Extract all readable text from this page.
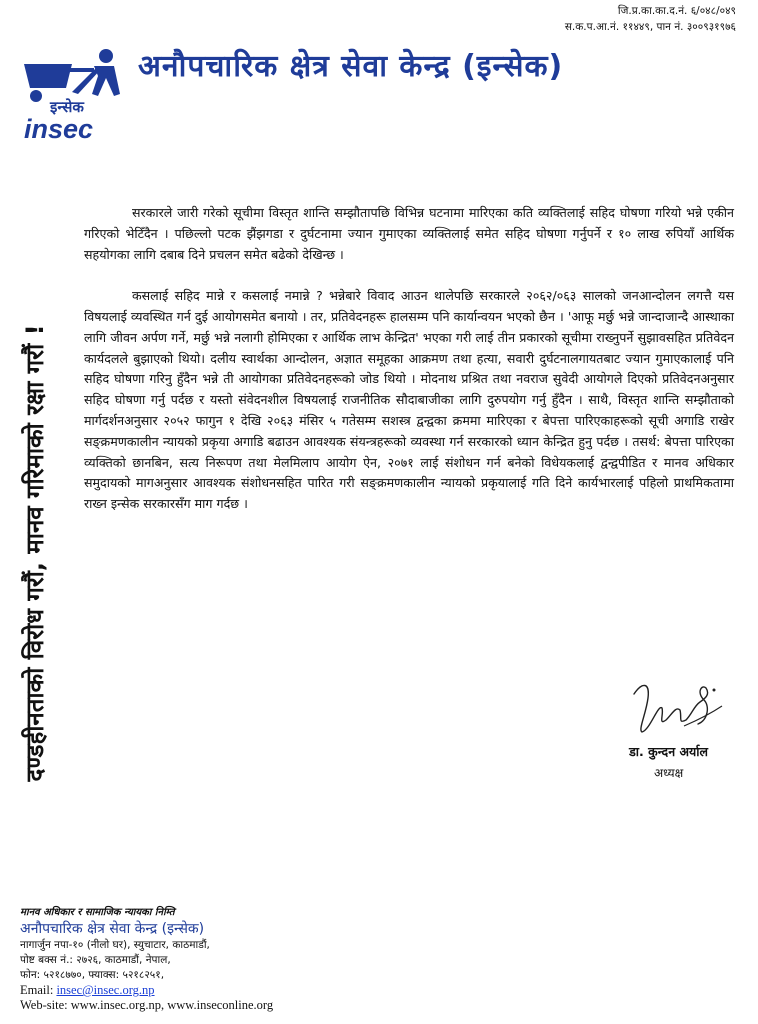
जि.प्र.का.का.द.नं. ६/०४८/०४९
स.क.प.आ.नं. ११४४९, पान नं. ३००९३१९७६
इन्सेक
insec
अनौपचारिक क्षेत्र सेवा केन्द्र (इन्सेक)
दण्डहीनताको विरोध गरौं, मानव गरिमाको रक्षा गरौं !

सरकारले जारी गरेको सूचीमा विस्तृत शान्ति सम्झौतापछि विभिन्न घटनामा मारिएका कति व्यक्तिलाई सहिद घोषणा गरियो भन्ने एकीन गरिएको भेटिँदैन । पछिल्लो पटक झैंझगडा र दुर्घटनामा ज्यान गुमाएका व्यक्तिलाई समेत सहिद घोषणा गर्नुपर्ने र १० लाख रुपियाँ आर्थिक सहयोगका लागि दबाब दिने प्रचलन समेत बढेको देखिन्छ ।

कसलाई सहिद मान्ने र कसलाई नमान्ने ? भन्नेबारे विवाद आउन थालेपछि सरकारले २०६२/०६३ सालको जनआन्दोलन लगत्तै यस विषयलाई व्यवस्थित गर्न दुई आयोगसमेत बनायो । तर, प्रतिवेदनहरू हालसम्म पनि कार्यान्वयन भएको छैन । 'आफू मर्छु भन्ने जान्दाजान्दै आस्थाका लागि जीवन अर्पण गर्ने, मर्छु भन्ने नलागी होमिएका र आर्थिक लाभ केन्द्रित' भएका गरी लाई तीन प्रकारको सूचीमा राख्नुपर्ने सुझावसहित प्रतिवेदन कार्यदलले बुझाएको थियो। दलीय स्वार्थका आन्दोलन, अज्ञात समूहका आक्रमण तथा हत्या, सवारी दुर्घटनालगायतबाट ज्यान गुमाएकालाई पनि सहिद घोषणा गरिनु हुँदैन भन्ने ती आयोगका प्रतिवेदनहरूको जोड थियो । मोदनाथ प्रश्रित तथा नवराज सुवेदी आयोगले दिएको प्रतिवेदनअनुसार सहिद घोषणा गर्नु पर्दछ र यस्तो संवेदनशील विषयलाई राजनीतिक सौदाबाजीका लागि दुरुपयोग गर्नु हुँदैन । साथै, विस्तृत शान्ति सम्झौताको मार्गदर्शनअनुसार २०५२ फागुन १ देखि २०६३ मंसिर ५ गतेसम्म सशस्त्र द्वन्द्वका क्रममा मारिएका र बेपत्ता पारिएकाहरूको सूची अगाडि राखेर सङ्क्रमणकालीन न्यायको प्रकृया अगाडि बढाउन आवश्यक संयन्त्रहरूको व्यवस्था गर्न सरकारको ध्यान केन्द्रित हुनु पर्दछ । तसर्थ: बेपत्ता पारिएका व्यक्तिको छानबिन, सत्य निरूपण तथा मेलमिलाप आयोग ऐन, २०७१ लाई संशोधन गर्न बनेको विधेयकलाई द्वन्द्वपीडित र मानव अधिकार समुदायको मागअनुसार आवश्यक संशोधनसहित पारित गरी सङ्क्रमणकालीन न्यायको प्रकृयालाई गति दिने कार्यभारलाई पहिलो प्राथमिकतामा राख्न इन्सेक सरकारसँग माग गर्दछ ।

डा. कुन्दन अर्याल
अध्यक्ष
मानव अधिकार र सामाजिक न्यायका निम्ति
अनौपचारिक क्षेत्र सेवा केन्द्र (इन्सेक)
नागार्जुन नपा-१० (नीलो घर), स्युचाटार, काठमाडौं,
पोष्ट बक्स नं.: २७२६, काठमाडौं, नेपाल,
फोन: ५२१८७७०, फ्याक्स: ५२१८२५१,
Email: insec@insec.org.np
Web-site: www.insec.org.np, www.inseconline.org
